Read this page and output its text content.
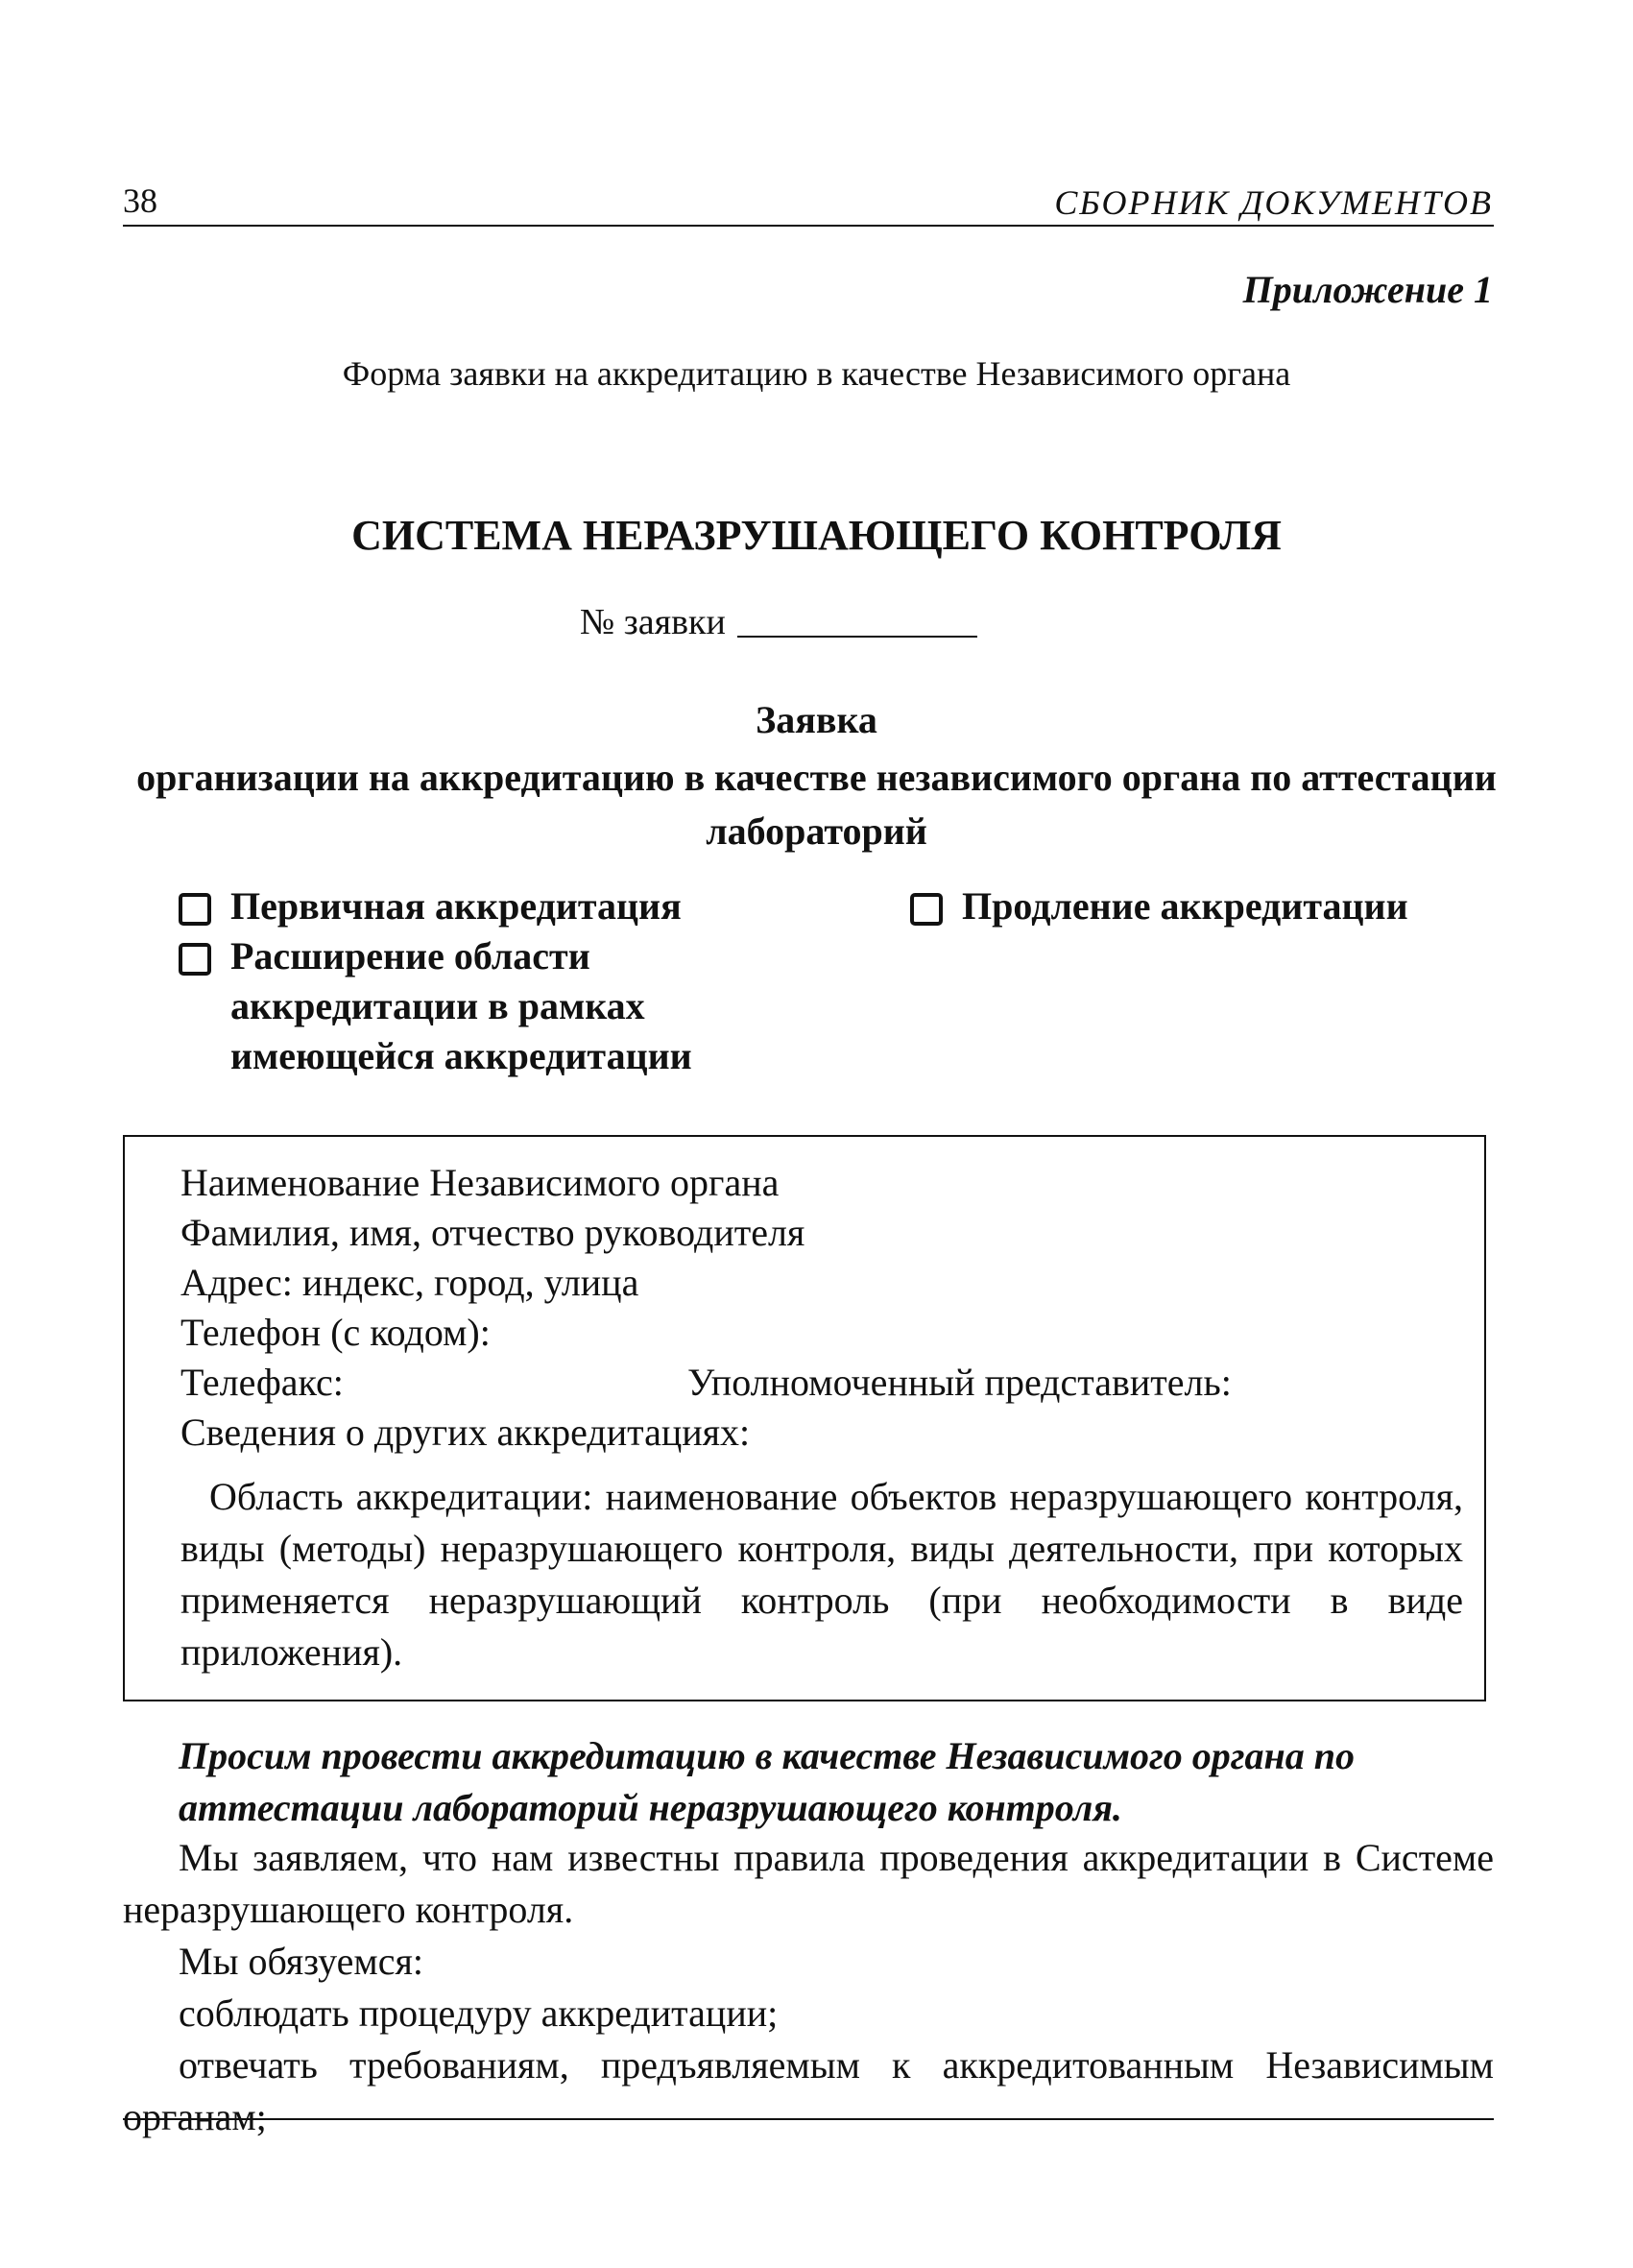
38	СБОРНИК ДОКУМЕНТОВ
Приложение 1
Форма заявки на аккредитацию в качестве Независимого органа
СИСТЕМА НЕРАЗРУШАЮЩЕГО КОНТРОЛЯ
№ заявки
Заявка
организации на аккредитацию в качестве независимого органа по аттестации лабораторий
Первичная аккредитация	Продление аккредитации
Расширение области аккредитации в рамках имеющейся аккредитации
Наименование Независимого органа
Фамилия, имя, отчество руководителя
Адрес: индекс, город, улица
Телефон (с кодом):
Телефакс:	Уполномоченный представитель:
Сведения о других аккредитациях:
Область аккредитации: наименование объектов неразрушающего контроля, виды (методы) неразрушающего контроля, виды деятельности, при которых применяется неразрушающий контроль (при необходимости в виде приложения).
Просим провести аккредитацию в качестве Независимого органа по аттестации лабораторий неразрушающего контроля.

Мы заявляем, что нам известны правила проведения аккредитации в Системе неразрушающего контроля.

Мы обязуемся:

соблюдать процедуру аккредитации;

отвечать требованиям, предъявляемым к аккредитованным Независимым органам;
